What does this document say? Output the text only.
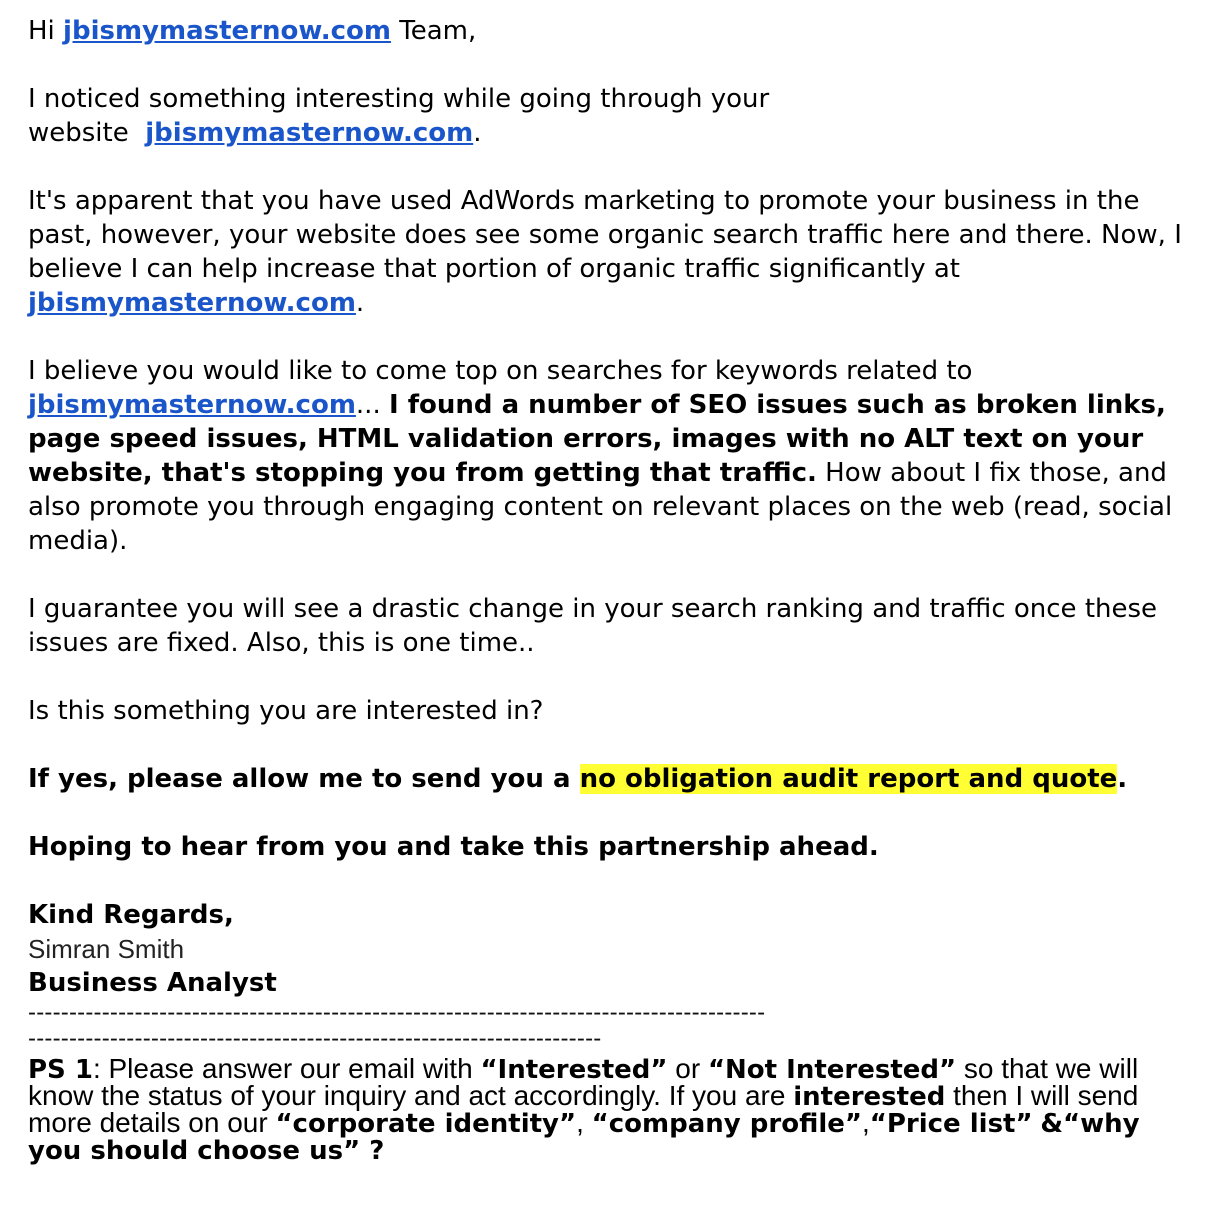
Hi jbismymasternow.com Team,

I noticed something interesting while going through your website jbismymasternow.com.

It's apparent that you have used AdWords marketing to promote your business in the past, however, your website does see some organic search traffic here and there. Now, I believe I can help increase that portion of organic traffic significantly at  jbismymasternow.com.

I believe you would like to come top on searches for keywords related to  jbismymasternow.com... I found a number of SEO issues such as broken links, page speed issues, HTML validation errors, images with no ALT text on your website, that's stopping you from getting that traffic. How about I fix those, and also promote you through engaging content on relevant places on the web (read, social media).

I guarantee you will see a drastic change in your search ranking and traffic once these issues are fixed. Also, this is one time..

Is this something you are interested in?

If yes, please allow me to send you a no obligation audit report and quote.

Hoping to hear from you and take this partnership ahead.

Kind Regards,
Simran Smith
Business Analyst
------------------------------------------------------------------------------------------
----------------------------------------------------------------------
PS 1: Please answer our email with “Interested” or “Not Interested” so that we will know the status of your inquiry and act accordingly. If you are interested then I will send more details on our “corporate identity”, “company profile”,“Price list” &“why you should choose us” ?
